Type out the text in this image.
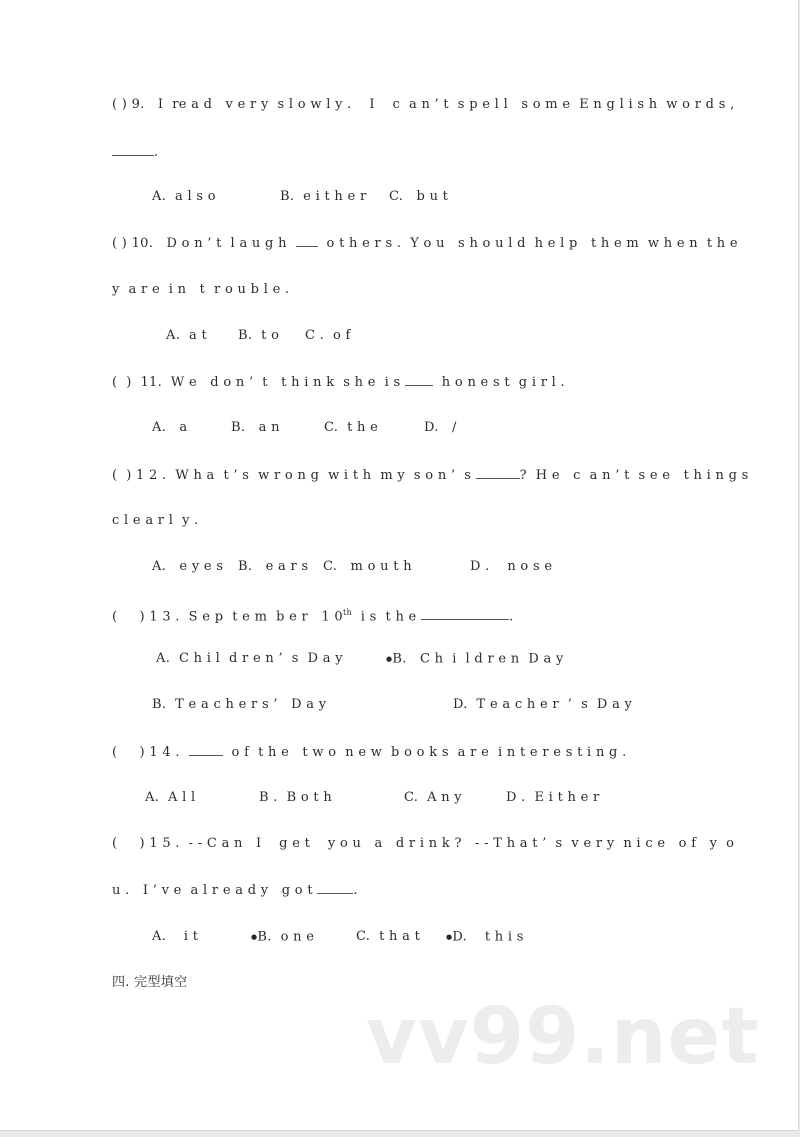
( ) 9.   I  re a d   v e r y  s l o w l y .    I    c  a n ’ t  s p e l l   s o m e  E n g l i s h  w o r d s ,
.
A.  a l s o	B.  e i t h e r C.   b u t
( ) 10.   D o n ’ t  l a u g h	o t h e r s .  Y o u   s h o u l d  h e l p   t h e m  w h e n  t h e
y  a r e  i n   t  r o u b l e .
A.  a t B.  t o C .  o f
(  )  11.  W e   d o n ’  t   t h i n k  s h e  i s	h o n e s t  g i r l .
A.   a	B.   a n	C.  t h e	D.   /
(  ) 1 2 .  W h a  t ’ s  w r o n g  w i t h  m y  s o n ’  s	?  H e   c  a n ’ t  s e e   t h i n g s
c l e a r l  y .
A.   e y e s B.   e a r s C.   m o u t h	D .    n o s e
(     ) 1 3 .  S e p  t e m  b e r   1 0th  i s  t h e	.
A.  C h i l  d r e n ’  s  D a y	●B.   C h  i  l d r e n  D a y
B.  T e a c h e r s ’   D a y	D.  T e a c h e r  ’  s  D a y
(     ) 1 4 .	o f  t h e   t w o  n e w  b o o k s  a r e  i n t e r e s t i n g .
A.  A l l	B .  B o t h	C.  A n y	D .  E i t h e r
(     ) 1 5 .  - - C a n   I    g e t    y o u   a   d r i n k ?   - - T h a t ’  s  v e r y  n i c e   o f   y  o
u .   I ’ v e  a l r e a d y   g o t	.
A.    i t	●B.  o n e	C.  t h a t	●D.    t h i s
四. 完型填空
vv99.net
